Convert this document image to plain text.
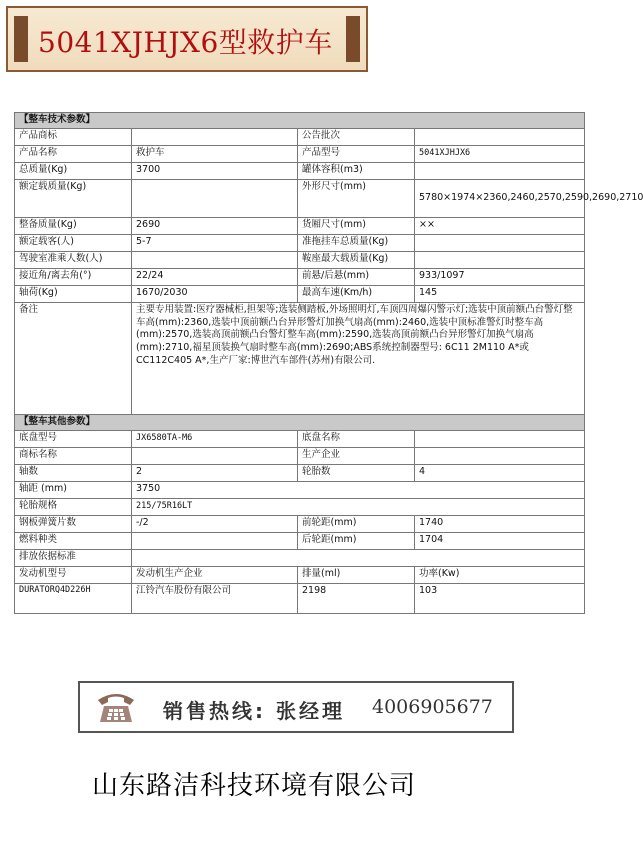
5041XJHJX6型救护车
【整车技术参数】			
产品商标		公告批次	
产品名称	救护车	产品型号	5041XJHJX6
总质量(Kg)	3700	罐体容积(m3)	
额定载质量(Kg)		外形尺寸(mm)	5780×1974×2360,2460,2570,2590,2690,2710
整备质量(Kg)	2690	货厢尺寸(mm)	××
额定载客(人)	5-7	准拖挂车总质量(Kg)	
驾驶室准乘人数(人)		鞍座最大载质量(Kg)	
接近角/离去角(°)	22/24	前悬/后悬(mm)	933/1097
轴荷(Kg)	1670/2030	最高车速(Km/h)	145
备注	主要专用装置:医疗器械柜,担架等;选装侧踏板,外场照明灯,车顶四周爆闪警示灯;选装中顶前额凸台警灯整车高(mm):2360,选装中顶前额凸台异形警灯加换气扇高(mm):2460,选装中顶标准警灯时整车高(mm):2570,选装高顶前额凸台警灯整车高(mm):2590,选装高顶前额凸台异形警灯加换气扇高(mm):2710,福星顶装换气扇时整车高(mm):2690;ABS系统控制器型号: 6C11 2M110 A*或CC112C405 A*,生产厂家:博世汽车部件(苏州)有限公司.		
【整车其他参数】			
底盘型号	JX6580TA-M6	底盘名称	
商标名称		生产企业	
轴数	2	轮胎数	4
轴距 (mm)	3750		
轮胎规格	215/75R16LT		
钢板弹簧片数	-/2	前轮距(mm)	1740
燃料种类		后轮距(mm)	1704
排放依据标准			
发动机型号	发动机生产企业	排量(ml)	功率(Kw)
DURATORQ4D226H	江铃汽车股份有限公司	2198	103
销售热线: 张经理 4006905677
山东路洁科技环境有限公司
